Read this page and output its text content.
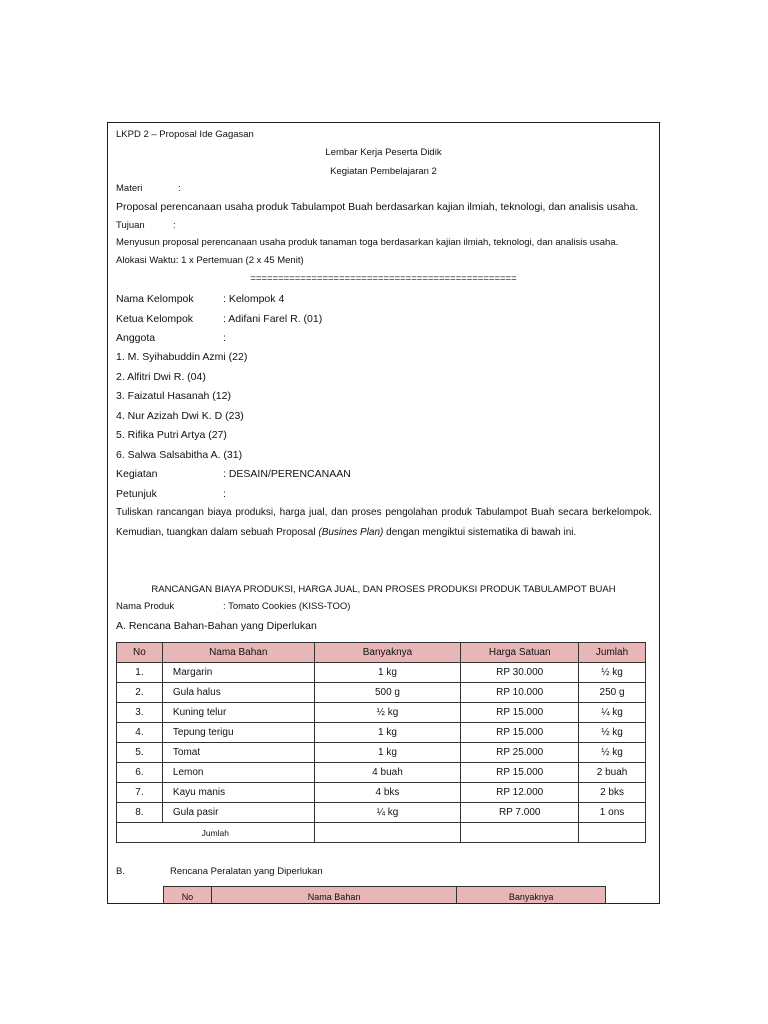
LKPD 2 – Proposal Ide Gagasan
Lembar Kerja Peserta Didik
Kegiatan Pembelajaran 2
Materi	:
Proposal perencanaan usaha produk Tabulampot Buah berdasarkan kajian ilmiah, teknologi, dan analisis usaha.
Tujuan	:
Menyusun proposal perencanaan usaha produk tanaman toga berdasarkan kajian ilmiah, teknologi, dan analisis usaha.
Alokasi Waktu: 1 x Pertemuan (2 x 45 Menit)
================================================
Nama Kelompok	: Kelompok 4
Ketua Kelompok	: Adifani Farel R. (01)
Anggota	:
1. M. Syihabuddin Azmi (22)
2. Alfitri Dwi R. (04)
3. Faizatul Hasanah (12)
4. Nur Azizah Dwi K. D (23)
5. Rifika Putri Artya (27)
6. Salwa Salsabitha A. (31)
Kegiatan	: DESAIN/PERENCANAAN
Petunjuk	:
Tuliskan rancangan biaya produksi, harga jual, dan proses pengolahan produk Tabulampot Buah secara berkelompok. Kemudian, tuangkan dalam sebuah Proposal (Busines Plan) dengan mengiktui sistematika di bawah ini.
RANCANGAN BIAYA PRODUKSI, HARGA JUAL, DAN PROSES PRODUKSI PRODUK TABULAMPOT BUAH
Nama Produk	: Tomato Cookies (KISS-TOO)
A. Rencana Bahan-Bahan yang Diperlukan
No	Nama Bahan	Banyaknya	Harga Satuan	Jumlah
1.	Margarin	1 kg	RP 30.000	½ kg
2.	Gula halus	500 g	RP 10.000	250 g
3.	Kuning telur	½ kg	RP 15.000	¼ kg
4.	Tepung terigu	1 kg	RP 15.000	½ kg
5.	Tomat	1 kg	RP 25.000	½ kg
6.	Lemon	4 buah	RP 15.000	2 buah
7.	Kayu manis	4 bks	RP 12.000	2 bks
8.	Gula pasir	¼ kg	RP 7.000	1 ons
Jumlah				
B.	Rencana Peralatan yang Diperlukan
No	Nama Bahan	Banyaknya
